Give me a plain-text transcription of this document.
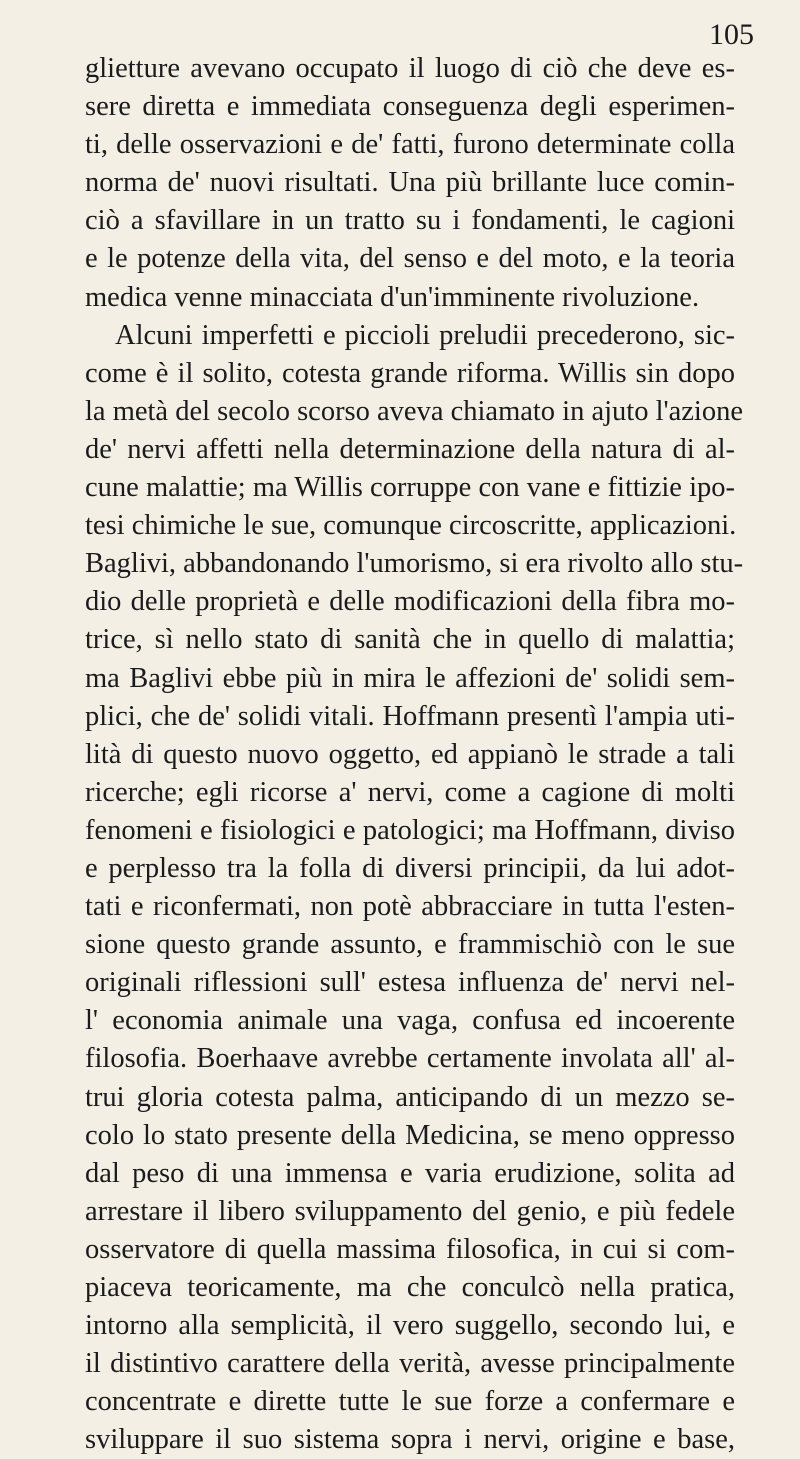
105
glietture avevano occupato il luogo di ciò che deve es-
sere diretta e immediata conseguenza degli esperimen-
ti, delle osservazioni e de' fatti, furono determinate colla
norma de' nuovi risultati. Una più brillante luce comin-
ciò a sfavillare in un tratto su i fondamenti, le cagioni
e le potenze della vita, del senso e del moto, e la teoria
medica venne minacciata d'un'imminente rivoluzione.
Alcuni imperfetti e piccioli preludii precederono, sic-
come è il solito, cotesta grande riforma. Willis sin dopo
la metà del secolo scorso aveva chiamato in ajuto l'azione
de' nervi affetti nella determinazione della natura di al-
cune malattie; ma Willis corruppe con vane e fittizie ipo-
tesi chimiche le sue, comunque circoscritte, applicazioni.
Baglivi, abbandonando l'umorismo, si era rivolto allo stu-
dio delle proprietà e delle modificazioni della fibra mo-
trice, sì nello stato di sanità che in quello di malattia;
ma Baglivi ebbe più in mira le affezioni de' solidi sem-
plici, che de' solidi vitali. Hoffmann presentì l'ampia uti-
lità di questo nuovo oggetto, ed appianò le strade a tali
ricerche; egli ricorse a' nervi, come a cagione di molti
fenomeni e fisiologici e patologici; ma Hoffmann, diviso
e perplesso tra la folla di diversi principii, da lui adot-
tati e riconfermati, non potè abbracciare in tutta l'esten-
sione questo grande assunto, e frammischiò con le sue
originali riflessioni sull' estesa influenza de' nervi nel-
l' economia animale una vaga, confusa ed incoerente
filosofia. Boerhaave avrebbe certamente involata all' al-
trui gloria cotesta palma, anticipando di un mezzo se-
colo lo stato presente della Medicina, se meno oppresso
dal peso di una immensa e varia erudizione, solita ad
arrestare il libero sviluppamento del genio, e più fedele
osservatore di quella massima filosofica, in cui si com-
piaceva teoricamente, ma che conculcò nella pratica,
intorno alla semplicità, il vero suggello, secondo lui, e
il distintivo carattere della verità, avesse principalmente
concentrate e dirette tutte le sue forze a confermare e
sviluppare il suo sistema sopra i nervi, origine e base,
